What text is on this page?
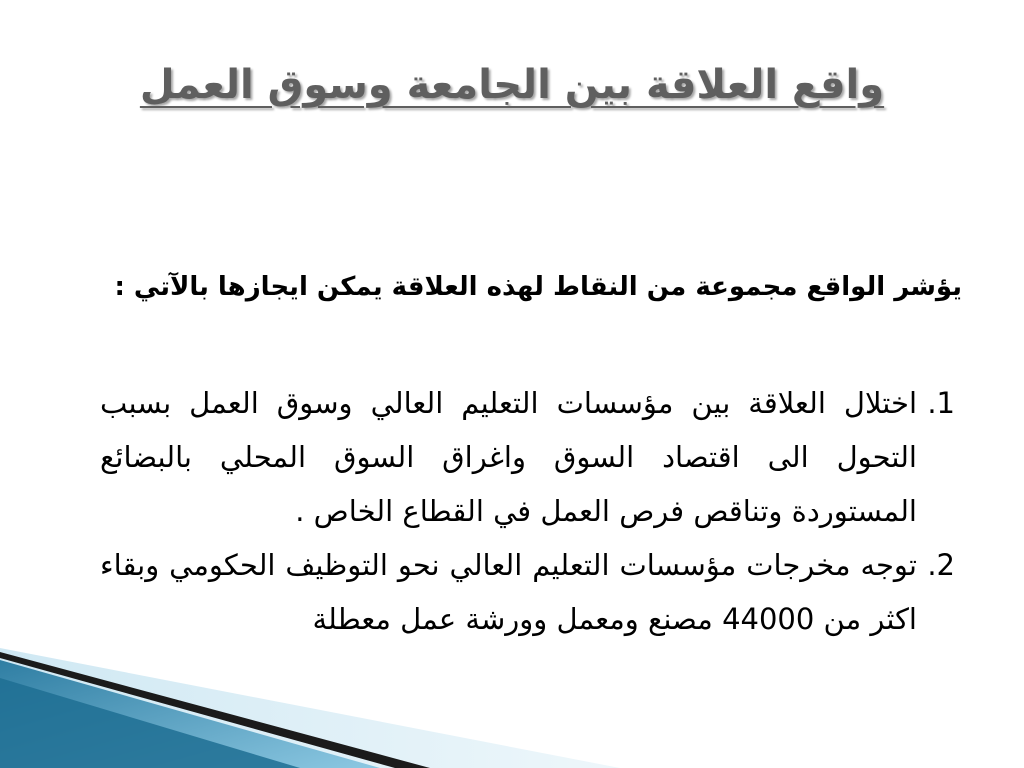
واقع العلاقة بين الجامعة وسوق العمل
يؤشر الواقع مجموعة من النقاط لهذه العلاقة يمكن ايجازها بالآتي :
1.
اختلال العلاقة بين مؤسسات التعليم العالي وسوق العمل بسبب التحول الى اقتصاد السوق واغراق السوق المحلي بالبضائع المستوردة وتناقص فرص العمل في القطاع الخاص .
2.
توجه مخرجات مؤسسات التعليم العالي نحو التوظيف الحكومي وبقاء اكثر من 44000 مصنع ومعمل وورشة عمل معطلة
